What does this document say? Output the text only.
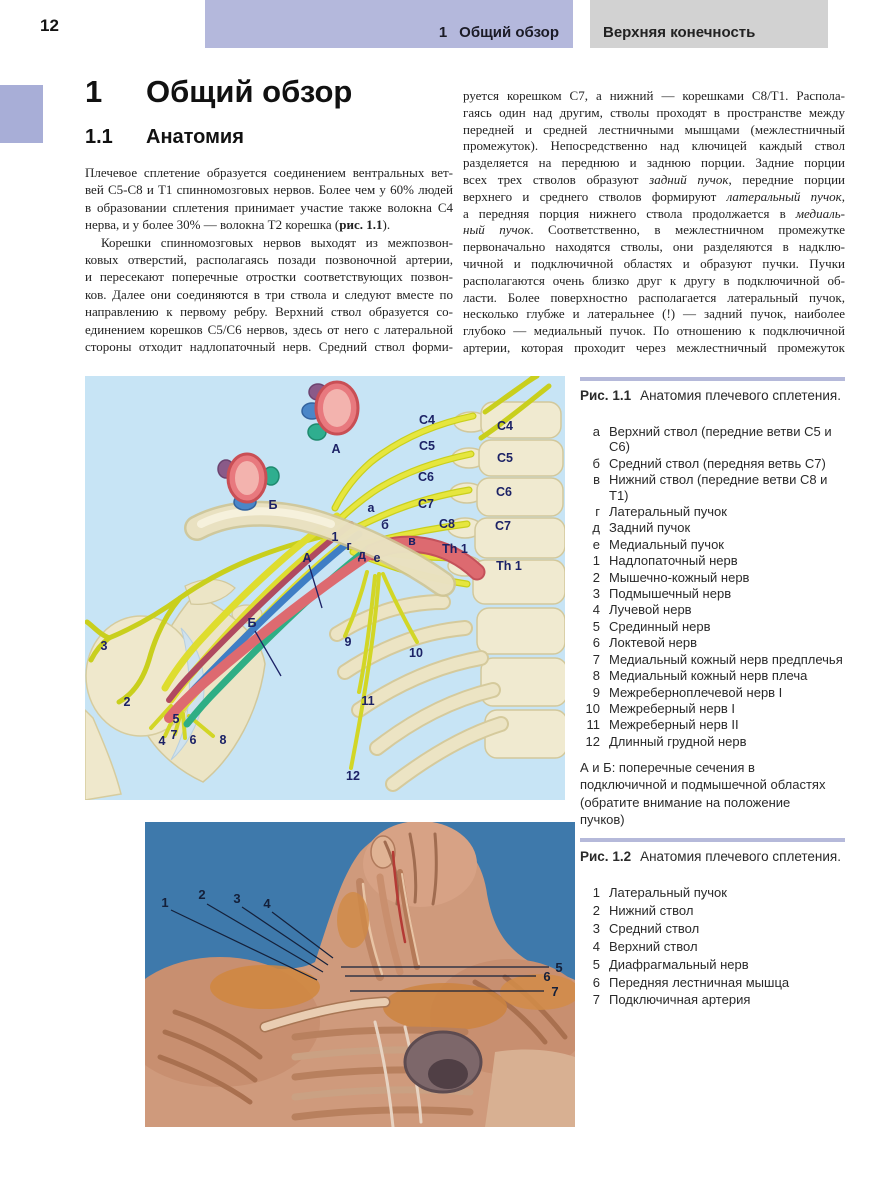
12	1 Общий обзор	Верхняя конечность
1 Общий обзор
1.1 Анатомия
Плечевое сплетение образуется соединением вентральных вет-
вей С5-С8 и Т1 спинномозговых нервов. Более чем у 60% людей
в образовании сплетения принимает участие также волокна С4
нерва, и у более 30% — волокна Т2 корешка (рис. 1.1).
Корешки спинномозговых нервов выходят из межпозвон-
ковых отверстий, располагаясь позади позвоночной артерии,
и пересекают поперечные отростки соответствующих позвон-
ков. Далее они соединяются в три ствола и следуют вместе по
направлению к первому ребру. Верхний ствол образуется со-
единением корешков С5/С6 нервов, здесь от него с латеральной
стороны отходит надлопаточный нерв. Средний ствол форми-
руется корешком С7, а нижний — корешками С8/Т1. Распола-
гаясь один над другим, стволы проходят в пространстве между
передней и средней лестничными мышцами (межлестничный
промежуток). Непосредственно над ключицей каждый ствол
разделяется на переднюю и заднюю порции. Задние порции
всех трех стволов образуют задний пучок, передние порции
верхнего и среднего стволов формируют латеральный пучок,
а передняя порция нижнего ствола продолжается в медиаль-
ный пучок. Соответственно, в межлестничном промежутке
первоначально находятся стволы, они разделяются в надклю-
чичной и подключичной областях и образуют пучки. Пучки
располагаются очень близко друг к другу в подключичной об-
ласти. Более поверхностно располагается латеральный пучок,
несколько глубже и латеральнее (!) — задний пучок, наиболее
глубоко — медиальный пучок. По отношению к подключичной
артерии, которая проходит через межлестничный промежуток
C4
C5
C6
C7
C8
Th 1
C4
C5
C6
C7
Th 1
а
б
в
г
д е
1
А
Б
А
Б
2
3
4
5
6
7	8
9
10
11
12
Рис. 1.1 Анатомия плечевого сплетения.
а Верхний ствол (передние ветви С5 и С6)
б Средний ствол (передняя ветвь С7)
в Нижний ствол (передние ветви С8 и Т1)
г Латеральный пучок
д Задний пучок
е Медиальный пучок
1 Надлопаточный нерв
2 Мышечно-кожный нерв
3 Подмышечный нерв
4 Лучевой нерв
5 Срединный нерв
6 Локтевой нерв
7 Медиальный кожный нерв предплечья
8 Медиальный кожный нерв плеча
9 Межреберноплечевой нерв I
10 Межреберный нерв I
11 Межреберный нерв II
12 Длинный грудной нерв
А и Б: поперечные сечения в подключичной и подмышечной областях (обратите внимание на положение пучков)
1
2 3 4
5
6
7
Рис. 1.2 Анатомия плечевого сплетения.
1 Латеральный пучок
2 Нижний ствол
3 Средний ствол
4 Верхний ствол
5 Диафрагмальный нерв
6 Передняя лестничная мышца
7 Подключичная артерия
